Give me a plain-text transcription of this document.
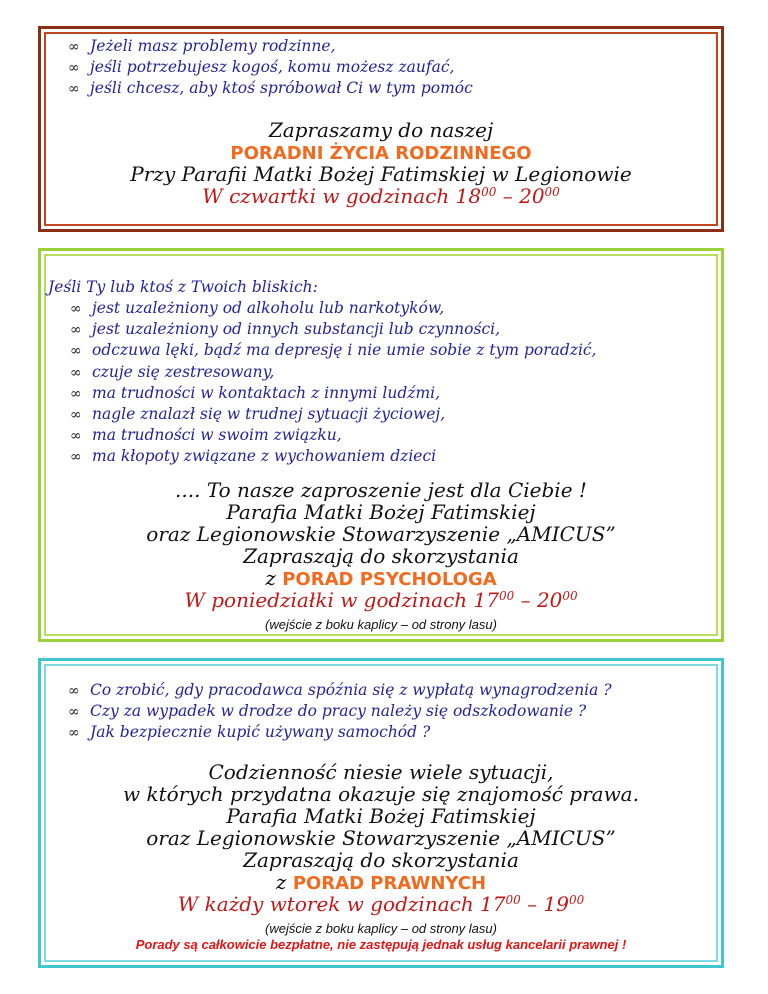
∞ Jeżeli masz problemy rodzinne,
∞ jeśli potrzebujesz kogoś, komu możesz zaufać,
∞ jeśli chcesz, aby ktoś spróbował Ci w tym pomóc
Zapraszamy do naszej
PORADNI ŻYCIA RODZINNEGO
Przy Parafii Matki Bożej Fatimskiej w Legionowie
W czwartki w godzinach $18^{00} - 20^{00}$
Jeśli Ty lub ktoś z Twoich bliskich:
∞ jest uzależniony od alkoholu lub narkotyków,
∞ jest uzależniony od innych substancji lub czynności,
∞ odczuwa lęki, bądź ma depresję i nie umie sobie z tym poradzić,
∞ czuje się zestresowany,
∞ ma trudności w kontaktach z innymi ludźmi,
∞ nagle znalazł się w trudnej sytuacji życiowej,
∞ ma trudności w swoim związku,
∞ ma kłopoty związane z wychowaniem dzieci
.... To nasze zaproszenie jest dla Ciebie !
Parafia Matki Bożej Fatimskiej
oraz Legionowskie Stowarzyszenie „AMICUS”
Zapraszają do skorzystania
z PORAD PSYCHOLOGA
W poniedziałki w godzinach $17^{00} - 20^{00}$
(wejście z boku kaplicy – od strony lasu)
∞ Co zrobić, gdy pracodawca spóźnia się z wypłatą wynagrodzenia ?
∞ Czy za wypadek w drodze do pracy należy się odszkodowanie ?
∞ Jak bezpiecznie kupić używany samochód ?
Codzienność niesie wiele sytuacji,
w których przydatna okazuje się znajomość prawa.
Parafia Matki Bożej Fatimskiej
oraz Legionowskie Stowarzyszenie „AMICUS”
Zapraszają do skorzystania
z PORAD PRAWNYCH
W każdy wtorek w godzinach $17^{00} - 19^{00}$
(wejście z boku kaplicy – od strony lasu)
Porady są całkowicie bezpłatne, nie zastępują jednak usług kancelarii prawnej !
